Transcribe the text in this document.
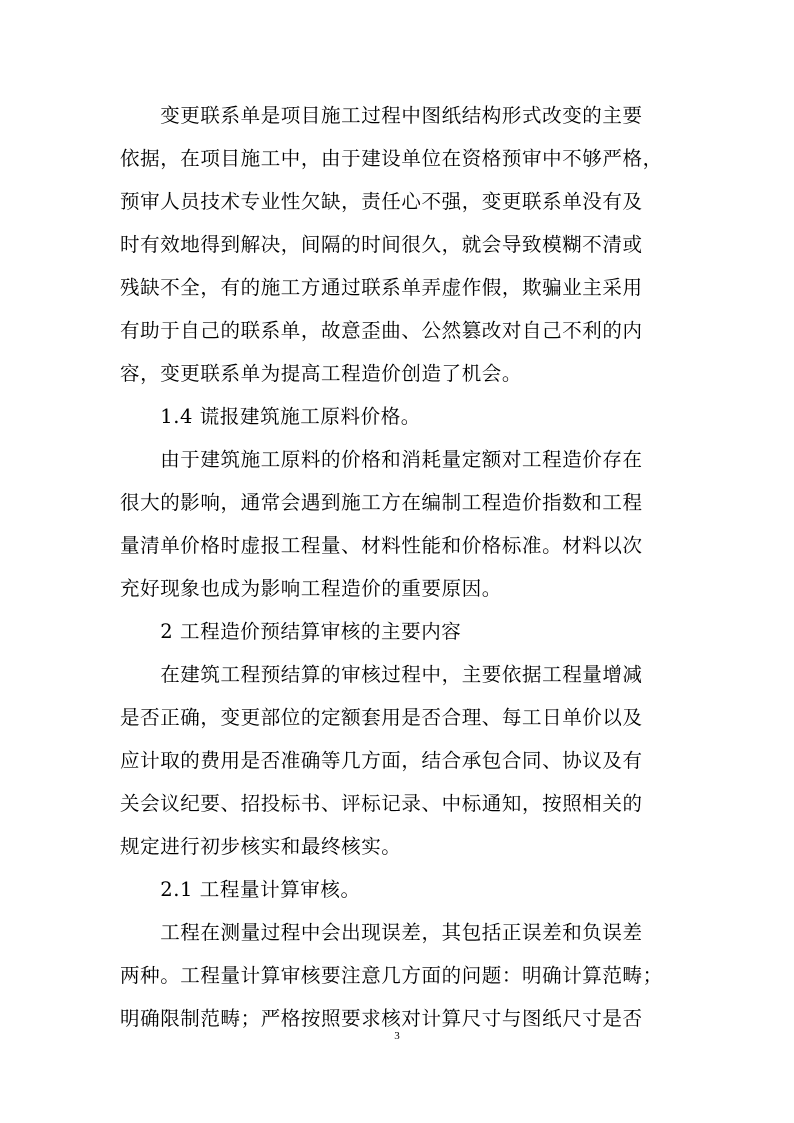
　　变更联系单是项目施工过程中图纸结构形式改变的主要
依据，在项目施工中，由于建设单位在资格预审中不够严格，
预审人员技术专业性欠缺，责任心不强，变更联系单没有及
时有效地得到解决，间隔的时间很久，就会导致模糊不清或
残缺不全，有的施工方通过联系单弄虚作假，欺骗业主采用
有助于自己的联系单，故意歪曲、公然篡改对自己不利的内
容，变更联系单为提高工程造价创造了机会。
　　1.4 谎报建筑施工原料价格。
　　由于建筑施工原料的价格和消耗量定额对工程造价存在
很大的影响，通常会遇到施工方在编制工程造价指数和工程
量清单价格时虚报工程量、材料性能和价格标准。材料以次
充好现象也成为影响工程造价的重要原因。
　　2 工程造价预结算审核的主要内容
　　在建筑工程预结算的审核过程中，主要依据工程量增减
是否正确，变更部位的定额套用是否合理、每工日单价以及
应计取的费用是否准确等几方面，结合承包合同、协议及有
关会议纪要、招投标书、评标记录、中标通知，按照相关的
规定进行初步核实和最终核实。
　　2.1 工程量计算审核。
　　工程在测量过程中会出现误差，其包括正误差和负误差
两种。工程量计算审核要注意几方面的问题：明确计算范畴；
明确限制范畴；严格按照要求核对计算尺寸与图纸尺寸是否
3
